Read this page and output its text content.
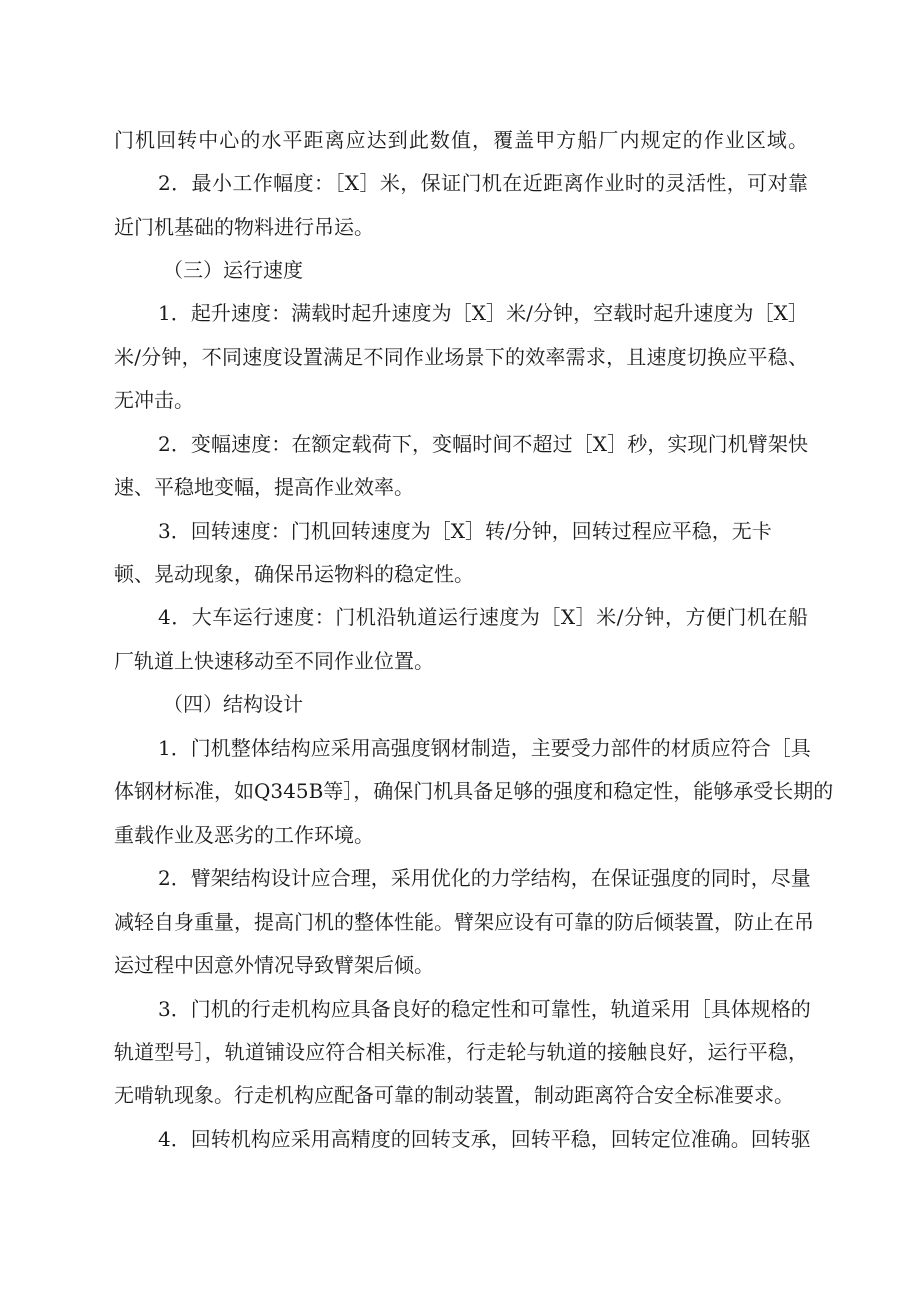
门机回转中心的水平距离应达到此数值，覆盖甲方船厂内规定的作业区域。
2．最小工作幅度：［X］米，保证门机在近距离作业时的灵活性，可对靠
近门机基础的物料进行吊运。
（三）运行速度
1．起升速度：满载时起升速度为［X］米/分钟，空载时起升速度为［X］
米/分钟，不同速度设置满足不同作业场景下的效率需求，且速度切换应平稳、
无冲击。
2．变幅速度：在额定载荷下，变幅时间不超过［X］秒，实现门机臂架快
速、平稳地变幅，提高作业效率。
3．回转速度：门机回转速度为［X］转/分钟，回转过程应平稳，无卡
顿、晃动现象，确保吊运物料的稳定性。
4．大车运行速度：门机沿轨道运行速度为［X］米/分钟，方便门机在船
厂轨道上快速移动至不同作业位置。
（四）结构设计
1．门机整体结构应采用高强度钢材制造，主要受力部件的材质应符合［具
体钢材标准，如Q345B等］，确保门机具备足够的强度和稳定性，能够承受长期的
重载作业及恶劣的工作环境。
2．臂架结构设计应合理，采用优化的力学结构，在保证强度的同时，尽量
减轻自身重量，提高门机的整体性能。臂架应设有可靠的防后倾装置，防止在吊
运过程中因意外情况导致臂架后倾。
3．门机的行走机构应具备良好的稳定性和可靠性，轨道采用［具体规格的
轨道型号］，轨道铺设应符合相关标准，行走轮与轨道的接触良好，运行平稳，
无啃轨现象。行走机构应配备可靠的制动装置，制动距离符合安全标准要求。
4．回转机构应采用高精度的回转支承，回转平稳，回转定位准确。回转驱
